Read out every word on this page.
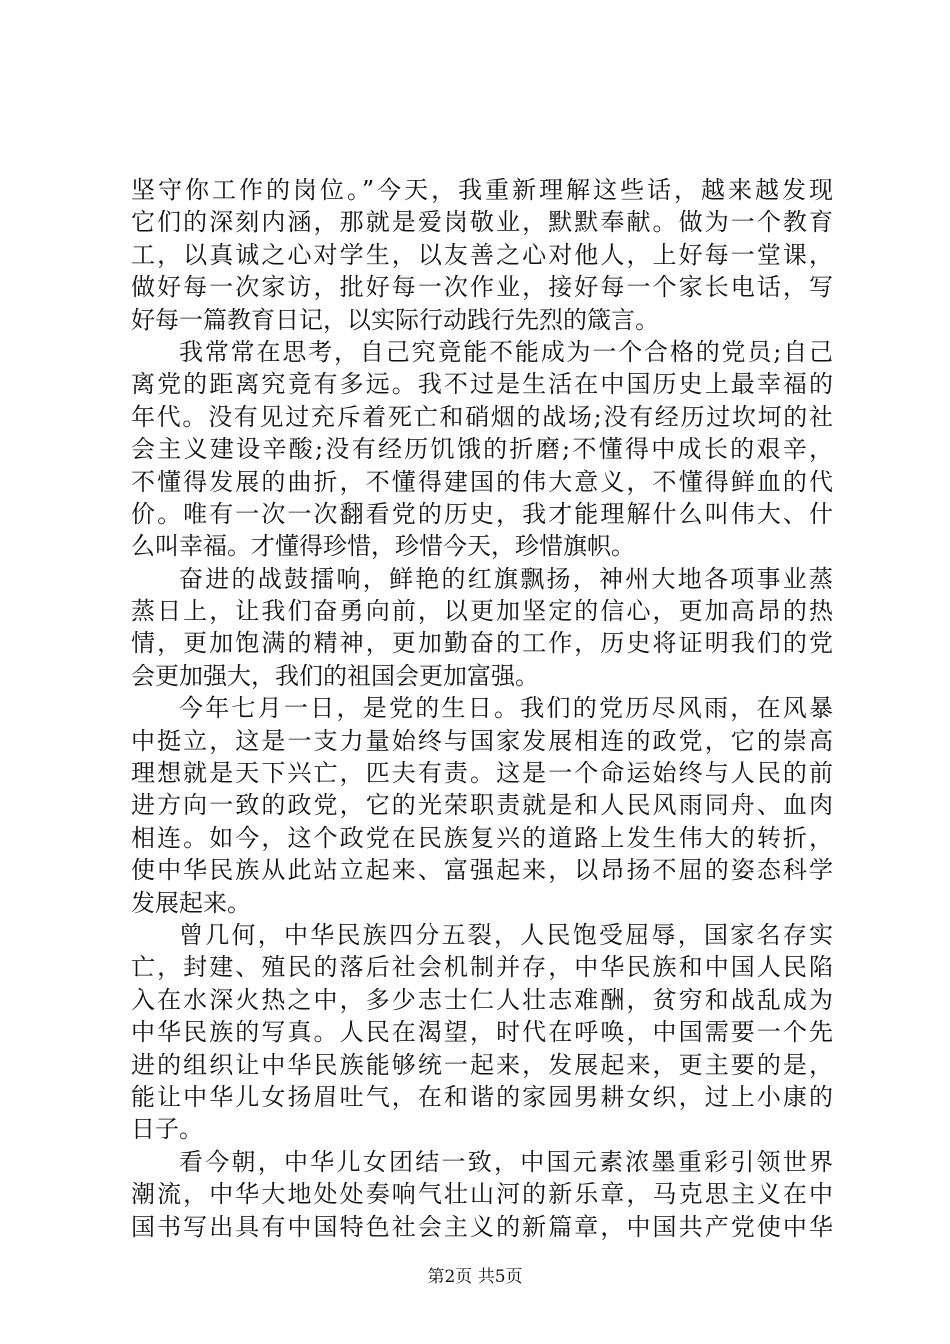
坚守你工作的岗位。”今天，我重新理解这些话，越来越发现
它们的深刻内涵，那就是爱岗敬业，默默奉献。做为一个教育
工，以真诚之心对学生，以友善之心对他人，上好每一堂课，
做好每一次家访，批好每一次作业，接好每一个家长电话，写
好每一篇教育日记，以实际行动践行先烈的箴言。
我常常在思考，自己究竟能不能成为一个合格的党员;自己
离党的距离究竟有多远。我不过是生活在中国历史上最幸福的
年代。没有见过充斥着死亡和硝烟的战场;没有经历过坎坷的社
会主义建设辛酸;没有经历饥饿的折磨;不懂得中成长的艰辛，
不懂得发展的曲折，不懂得建国的伟大意义，不懂得鲜血的代
价。唯有一次一次翻看党的历史，我才能理解什么叫伟大、什
么叫幸福。才懂得珍惜，珍惜今天，珍惜旗帜。
奋进的战鼓擂响，鲜艳的红旗飘扬，神州大地各项事业蒸
蒸日上，让我们奋勇向前，以更加坚定的信心，更加高昂的热
情，更加饱满的精神，更加勤奋的工作，历史将证明我们的党
会更加强大，我们的祖国会更加富强。
今年七月一日，是党的生日。我们的党历尽风雨，在风暴
中挺立，这是一支力量始终与国家发展相连的政党，它的崇高
理想就是天下兴亡，匹夫有责。这是一个命运始终与人民的前
进方向一致的政党，它的光荣职责就是和人民风雨同舟、血肉
相连。如今，这个政党在民族复兴的道路上发生伟大的转折，
使中华民族从此站立起来、富强起来，以昂扬不屈的姿态科学
发展起来。
曾几何，中华民族四分五裂，人民饱受屈辱，国家名存实
亡，封建、殖民的落后社会机制并存，中华民族和中国人民陷
入在水深火热之中，多少志士仁人壮志难酬，贫穷和战乱成为
中华民族的写真。人民在渴望，时代在呼唤，中国需要一个先
进的组织让中华民族能够统一起来，发展起来，更主要的是，
能让中华儿女扬眉吐气，在和谐的家园男耕女织，过上小康的
日子。
看今朝，中华儿女团结一致，中国元素浓墨重彩引领世界
潮流，中华大地处处奏响气壮山河的新乐章，马克思主义在中
国书写出具有中国特色社会主义的新篇章，中国共产党使中华
第2页 共5页
